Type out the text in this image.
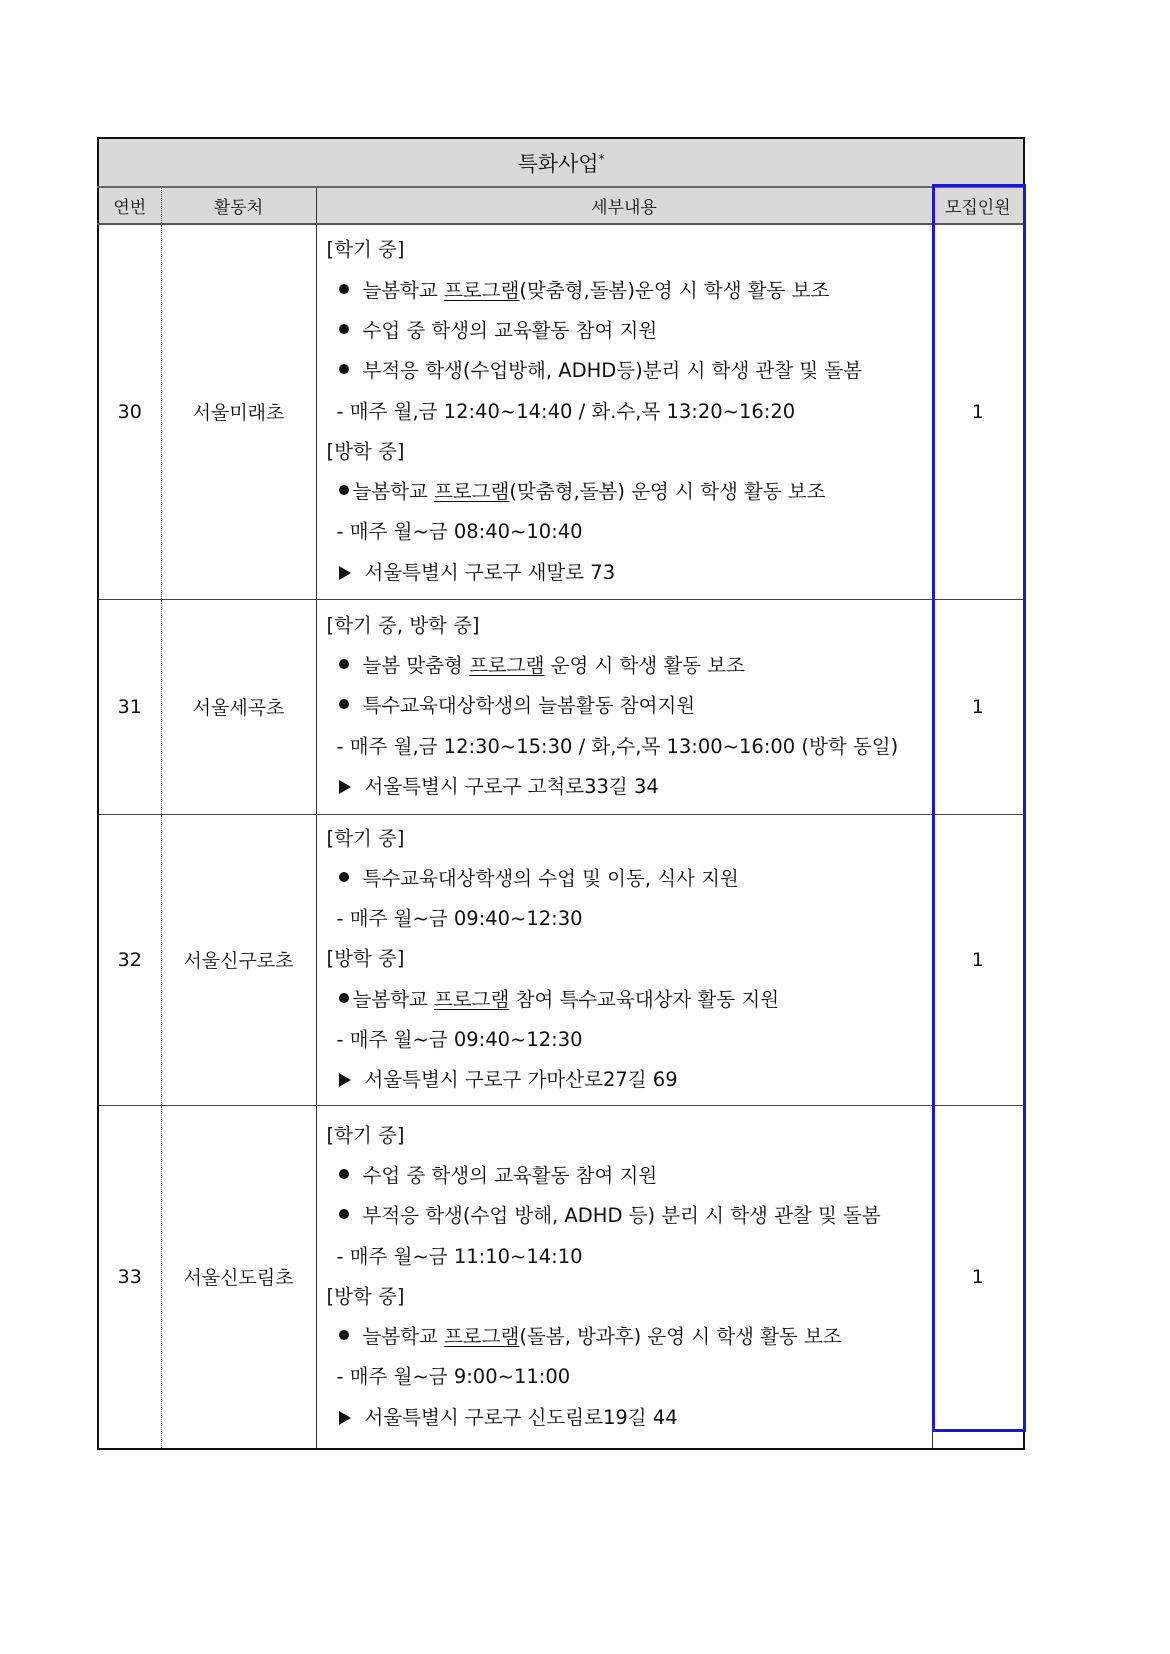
특화사업*
연번	활동처	세부내용	모집인원
30	서울미래초	
[학기 중]
늘봄학교 프로그램(맞춤형,돌봄)운영 시 학생 활동 보조
수업 중 학생의 교육활동 참여 지원
부적응 학생(수업방해, ADHD등)분리 시 학생 관찰 및 돌봄
- 매주 월,금 12:40~14:40 / 화.수,목 13:20~16:20
[방학 중]
늘봄학교 프로그램(맞춤형,돌봄) 운영 시 학생 활동 보조
- 매주 월~금 08:40~10:40
서울특별시 구로구 새말로 73
	1
31	서울세곡초	[학기 중, 방학 중]
늘봄 맞춤형 프로그램 운영 시 학생 활동 보조
특수교육대상학생의 늘봄활동 참여지원
- 매주 월,금 12:30~15:30 / 화,수,목 13:00~16:00 (방학 동일)
서울특별시 구로구 고척로33길 34	1
32	서울신구로초	
[학기 중]
특수교육대상학생의 수업 및 이동, 식사 지원
- 매주 월~금 09:40~12:30
[방학 중]
늘봄학교 프로그램 참여 특수교육대상자 활동 지원
- 매주 월~금 09:40~12:30
서울특별시 구로구 가마산로27길 69
	1
33	서울신도림초	
[학기 중]
수업 중 학생의 교육활동 참여 지원
부적응 학생(수업 방해, ADHD 등) 분리 시 학생 관찰 및 돌봄
- 매주 월~금 11:10~14:10
[방학 중]
늘봄학교 프로그램(돌봄, 방과후) 운영 시 학생 활동 보조
- 매주 월~금 9:00~11:00
서울특별시 구로구 신도림로19길 44
	1
